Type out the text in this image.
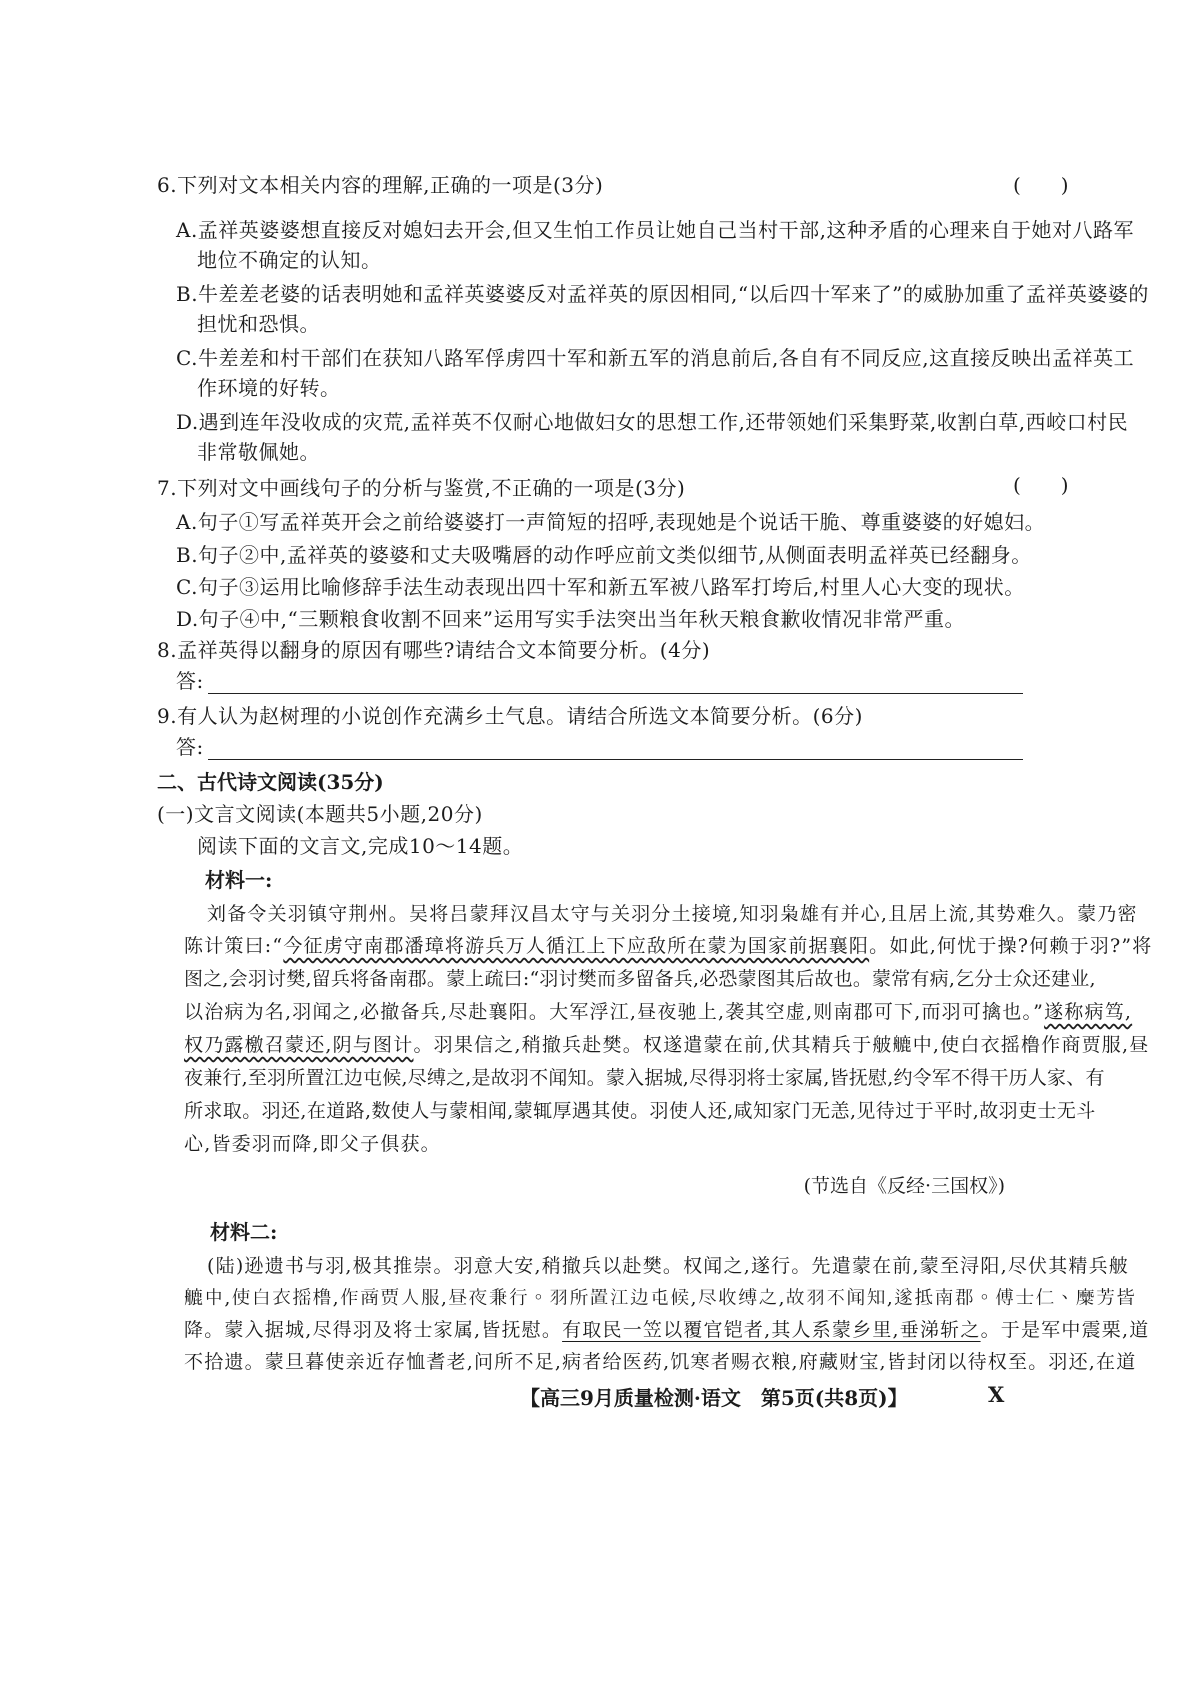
6.下列对文本相关内容的理解,正确的一项是(3分)	(　　)
A.孟祥英婆婆想直接反对媳妇去开会,但又生怕工作员让她自己当村干部,这种矛盾的心理来自于她对八路军
地位不确定的认知。
B.牛差差老婆的话表明她和孟祥英婆婆反对孟祥英的原因相同,“以后四十军来了”的威胁加重了孟祥英婆婆的
担忧和恐惧。
C.牛差差和村干部们在获知八路军俘虏四十军和新五军的消息前后,各自有不同反应,这直接反映出孟祥英工
作环境的好转。
D.遇到连年没收成的灾荒,孟祥英不仅耐心地做妇女的思想工作,还带领她们采集野菜,收割白草,西峧口村民
非常敬佩她。
7.下列对文中画线句子的分析与鉴赏,不正确的一项是(3分)	(　　)
A.句子①写孟祥英开会之前给婆婆打一声简短的招呼,表现她是个说话干脆、尊重婆婆的好媳妇。
B.句子②中,孟祥英的婆婆和丈夫吸嘴唇的动作呼应前文类似细节,从侧面表明孟祥英已经翻身。
C.句子③运用比喻修辞手法生动表现出四十军和新五军被八路军打垮后,村里人心大变的现状。
D.句子④中,“三颗粮食收割不回来”运用写实手法突出当年秋天粮食歉收情况非常严重。
8.孟祥英得以翻身的原因有哪些?请结合文本简要分析。(4分)
答:
9.有人认为赵树理的小说创作充满乡土气息。请结合所选文本简要分析。(6分)
答:
二、古代诗文阅读(35分)
(一)文言文阅读(本题共5小题,20分)
阅读下面的文言文,完成10～14题。
材料一:
刘备令关羽镇守荆州。吴将吕蒙拜汉昌太守与关羽分土接境,知羽枭雄有并心,且居上流,其势难久。蒙乃密
陈计策曰:“今征虏守南郡潘璋将游兵万人循江上下应敌所在蒙为国家前据襄阳。如此,何忧于操?何赖于羽?”将
图之,会羽讨樊,留兵将备南郡。蒙上疏曰:“羽讨樊而多留备兵,必恐蒙图其后故也。蒙常有病,乞分士众还建业,
以治病为名,羽闻之,必撤备兵,尽赴襄阳。大军浮江,昼夜驰上,袭其空虚,则南郡可下,而羽可擒也。”遂称病笃,
权乃露檄召蒙还,阴与图计。羽果信之,稍撤兵赴樊。权遂遣蒙在前,伏其精兵于𦨭𦪇中,使白衣摇橹作商贾服,昼
夜兼行,至羽所置江边屯候,尽缚之,是故羽不闻知。蒙入据城,尽得羽将士家属,皆抚慰,约令军不得干历人家、有
所求取。羽还,在道路,数使人与蒙相闻,蒙辄厚遇其使。羽使人还,咸知家门无恙,见待过于平时,故羽吏士无斗
心,皆委羽而降,即父子俱获。
(节选自《反经·三国权》)
材料二:
(陆)逊遗书与羽,极其推崇。羽意大安,稍撤兵以赴樊。权闻之,遂行。先遣蒙在前,蒙至浔阳,尽伏其精兵𦨭
𦪇中,使白衣摇橹,作商贾人服,昼夜兼行。羽所置江边屯候,尽收缚之,故羽不闻知,遂抵南郡。傅士仁、糜芳皆
降。蒙入据城,尽得羽及将士家属,皆抚慰。有取民一笠以覆官铠者,其人系蒙乡里,垂涕斩之。于是军中震栗,道
不拾遗。蒙旦暮使亲近存恤耆老,问所不足,病者给医药,饥寒者赐衣粮,府藏财宝,皆封闭以待权至。羽还,在道
【高三9月质量检测·语文　第5页(共8页)】	X
